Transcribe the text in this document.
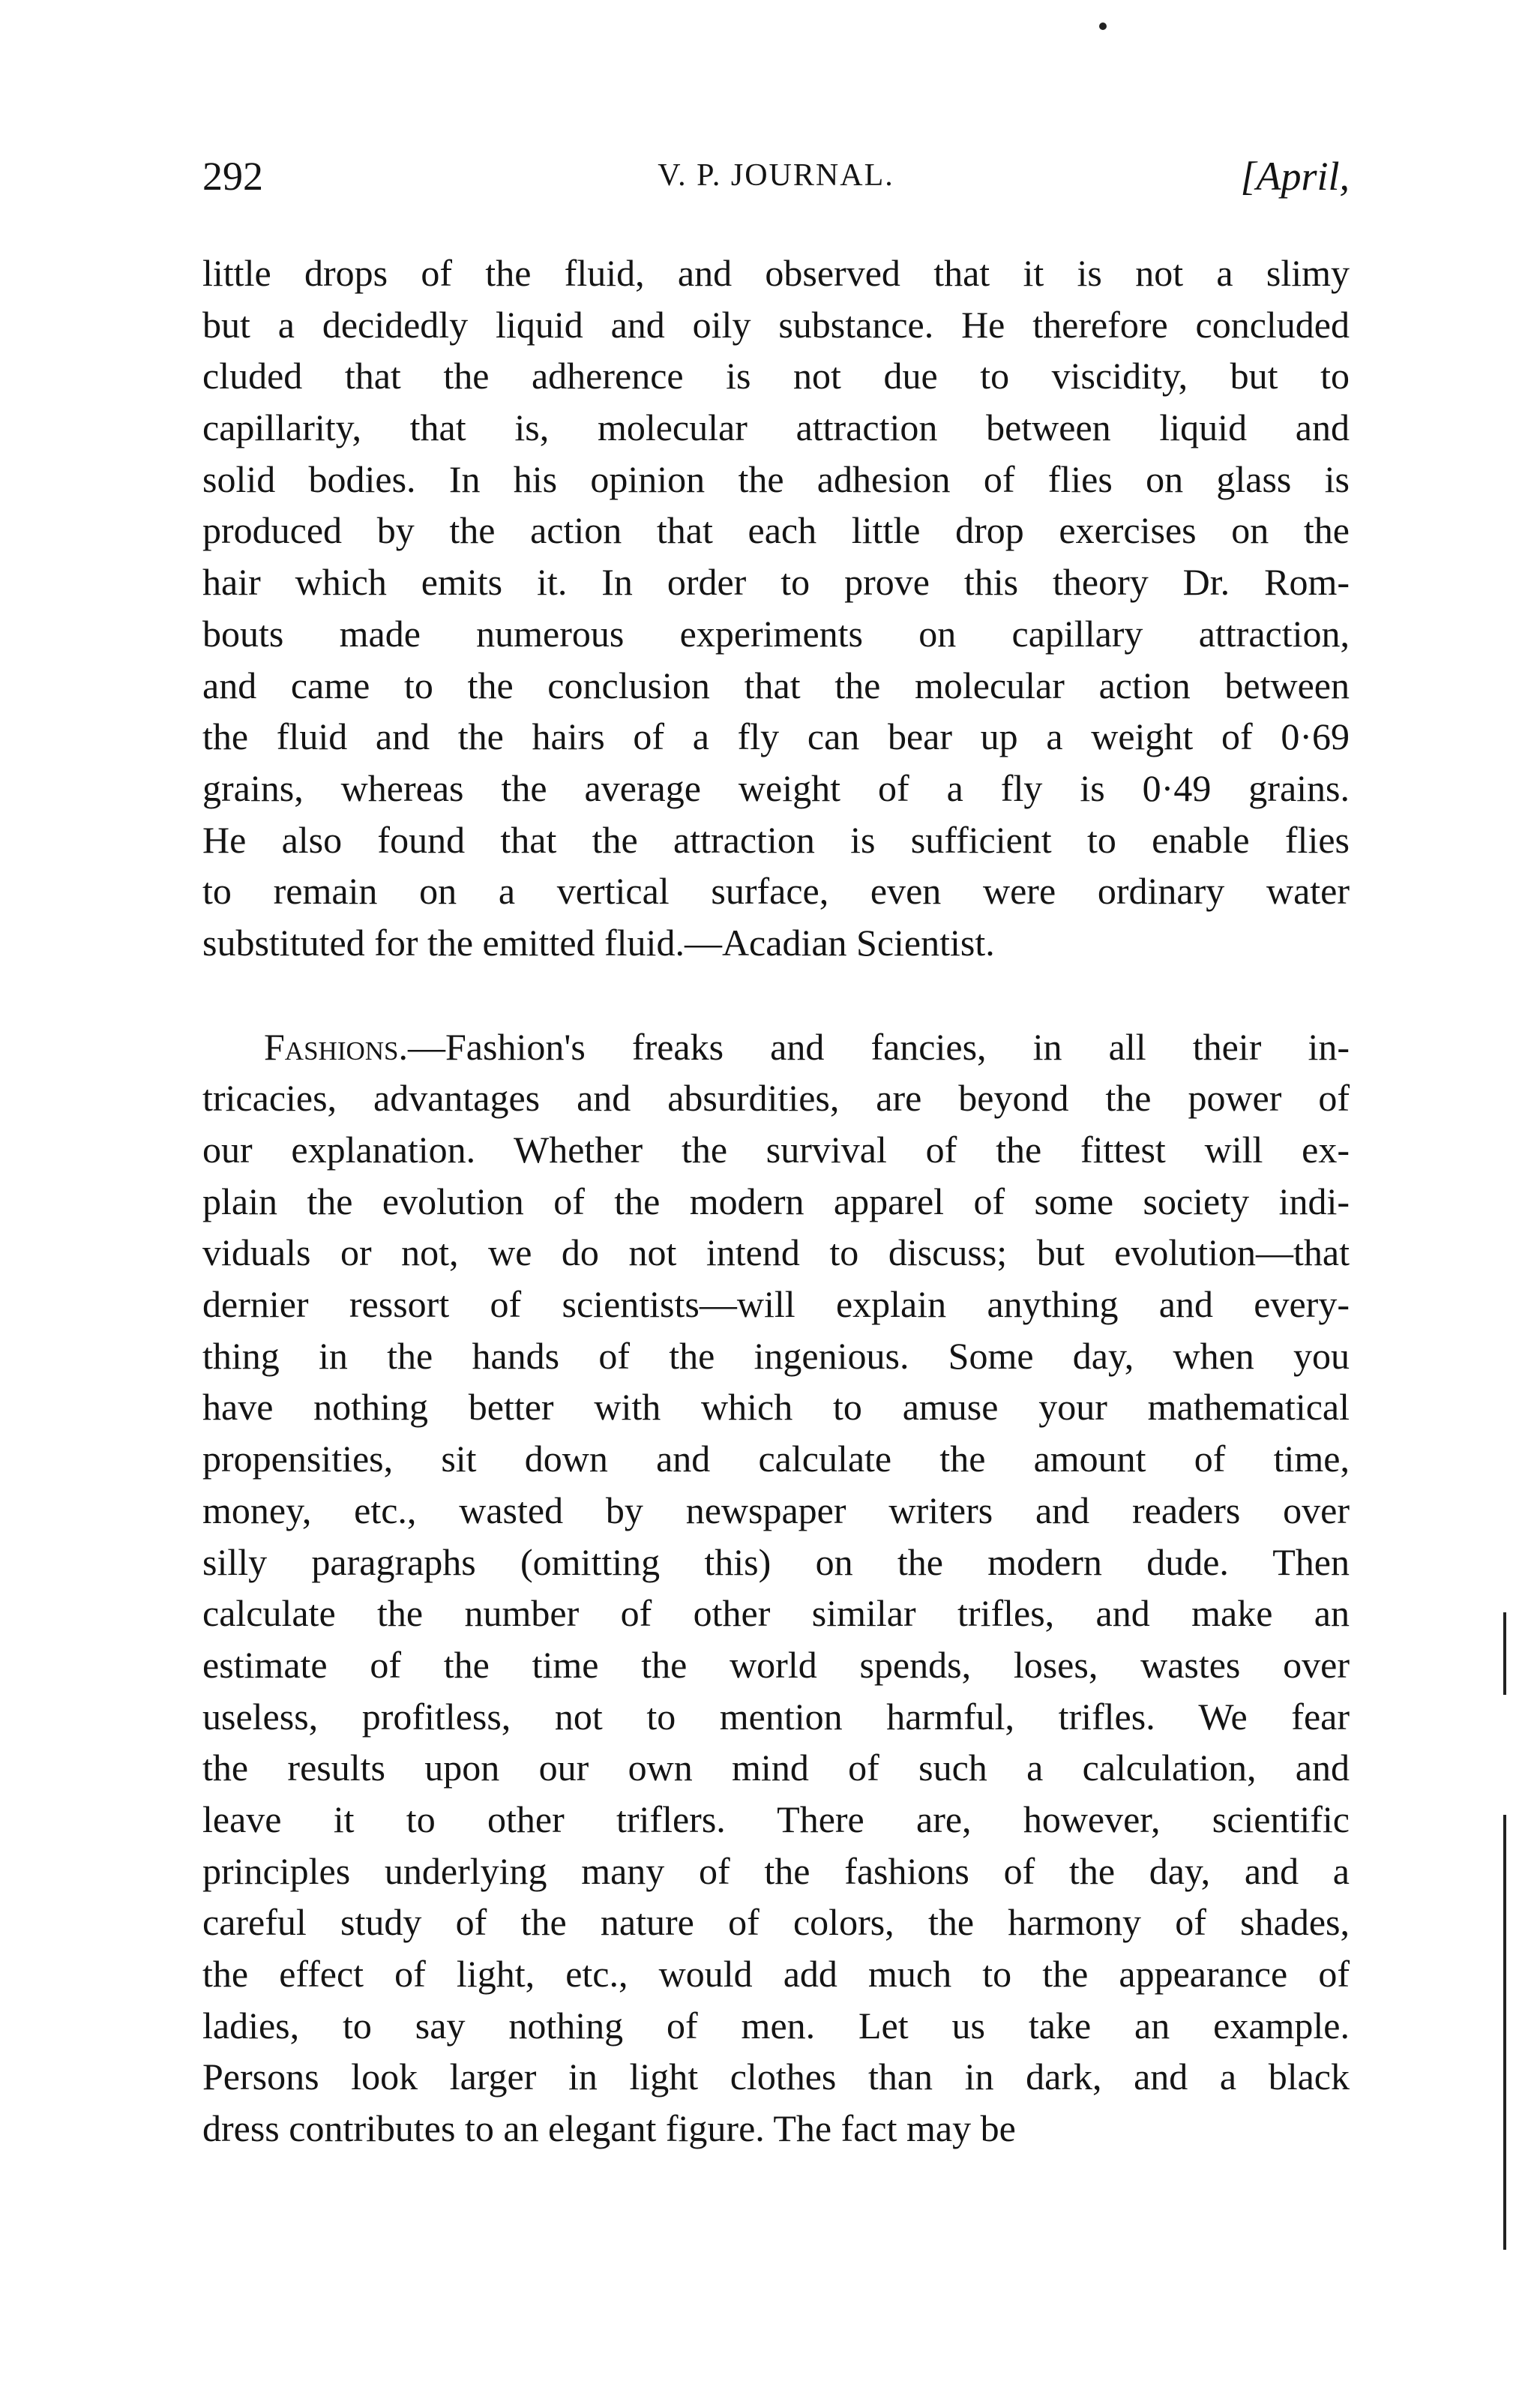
292	V. P. JOURNAL.	[April,
little drops of the fluid, and observed that it is not a slimy
but a decidedly liquid and oily substance. He therefore concluded
cluded that the adherence is not due to viscidity, but to
capillarity, that is, molecular attraction between liquid and
solid bodies. In his opinion the adhesion of flies on glass is
produced by the action that each little drop exercises on the
hair which emits it. In order to prove this theory Dr. Rom-
bouts made numerous experiments on capillary attraction,
and came to the conclusion that the molecular action between
the fluid and the hairs of a fly can bear up a weight of 0·69
grains, whereas the average weight of a fly is 0·49 grains.
He also found that the attraction is sufficient to enable flies
to remain on a vertical surface, even were ordinary water
substituted for the emitted fluid.—Acadian Scientist.
Fashions.—Fashion's freaks and fancies, in all their in-
tricacies, advantages and absurdities, are beyond the power of
our explanation. Whether the survival of the fittest will ex-
plain the evolution of the modern apparel of some society indi-
viduals or not, we do not intend to discuss; but evolution—that
dernier ressort of scientists—will explain anything and every-
thing in the hands of the ingenious. Some day, when you
have nothing better with which to amuse your mathematical
propensities, sit down and calculate the amount of time,
money, etc., wasted by newspaper writers and readers over
silly paragraphs (omitting this) on the modern dude. Then
calculate the number of other similar trifles, and make an
estimate of the time the world spends, loses, wastes over
useless, profitless, not to mention harmful, trifles. We fear
the results upon our own mind of such a calculation, and
leave it to other triflers. There are, however, scientific
principles underlying many of the fashions of the day, and a
careful study of the nature of colors, the harmony of shades,
the effect of light, etc., would add much to the appearance of
ladies, to say nothing of men. Let us take an example.
Persons look larger in light clothes than in dark, and a black
dress contributes to an elegant figure. The fact may be
